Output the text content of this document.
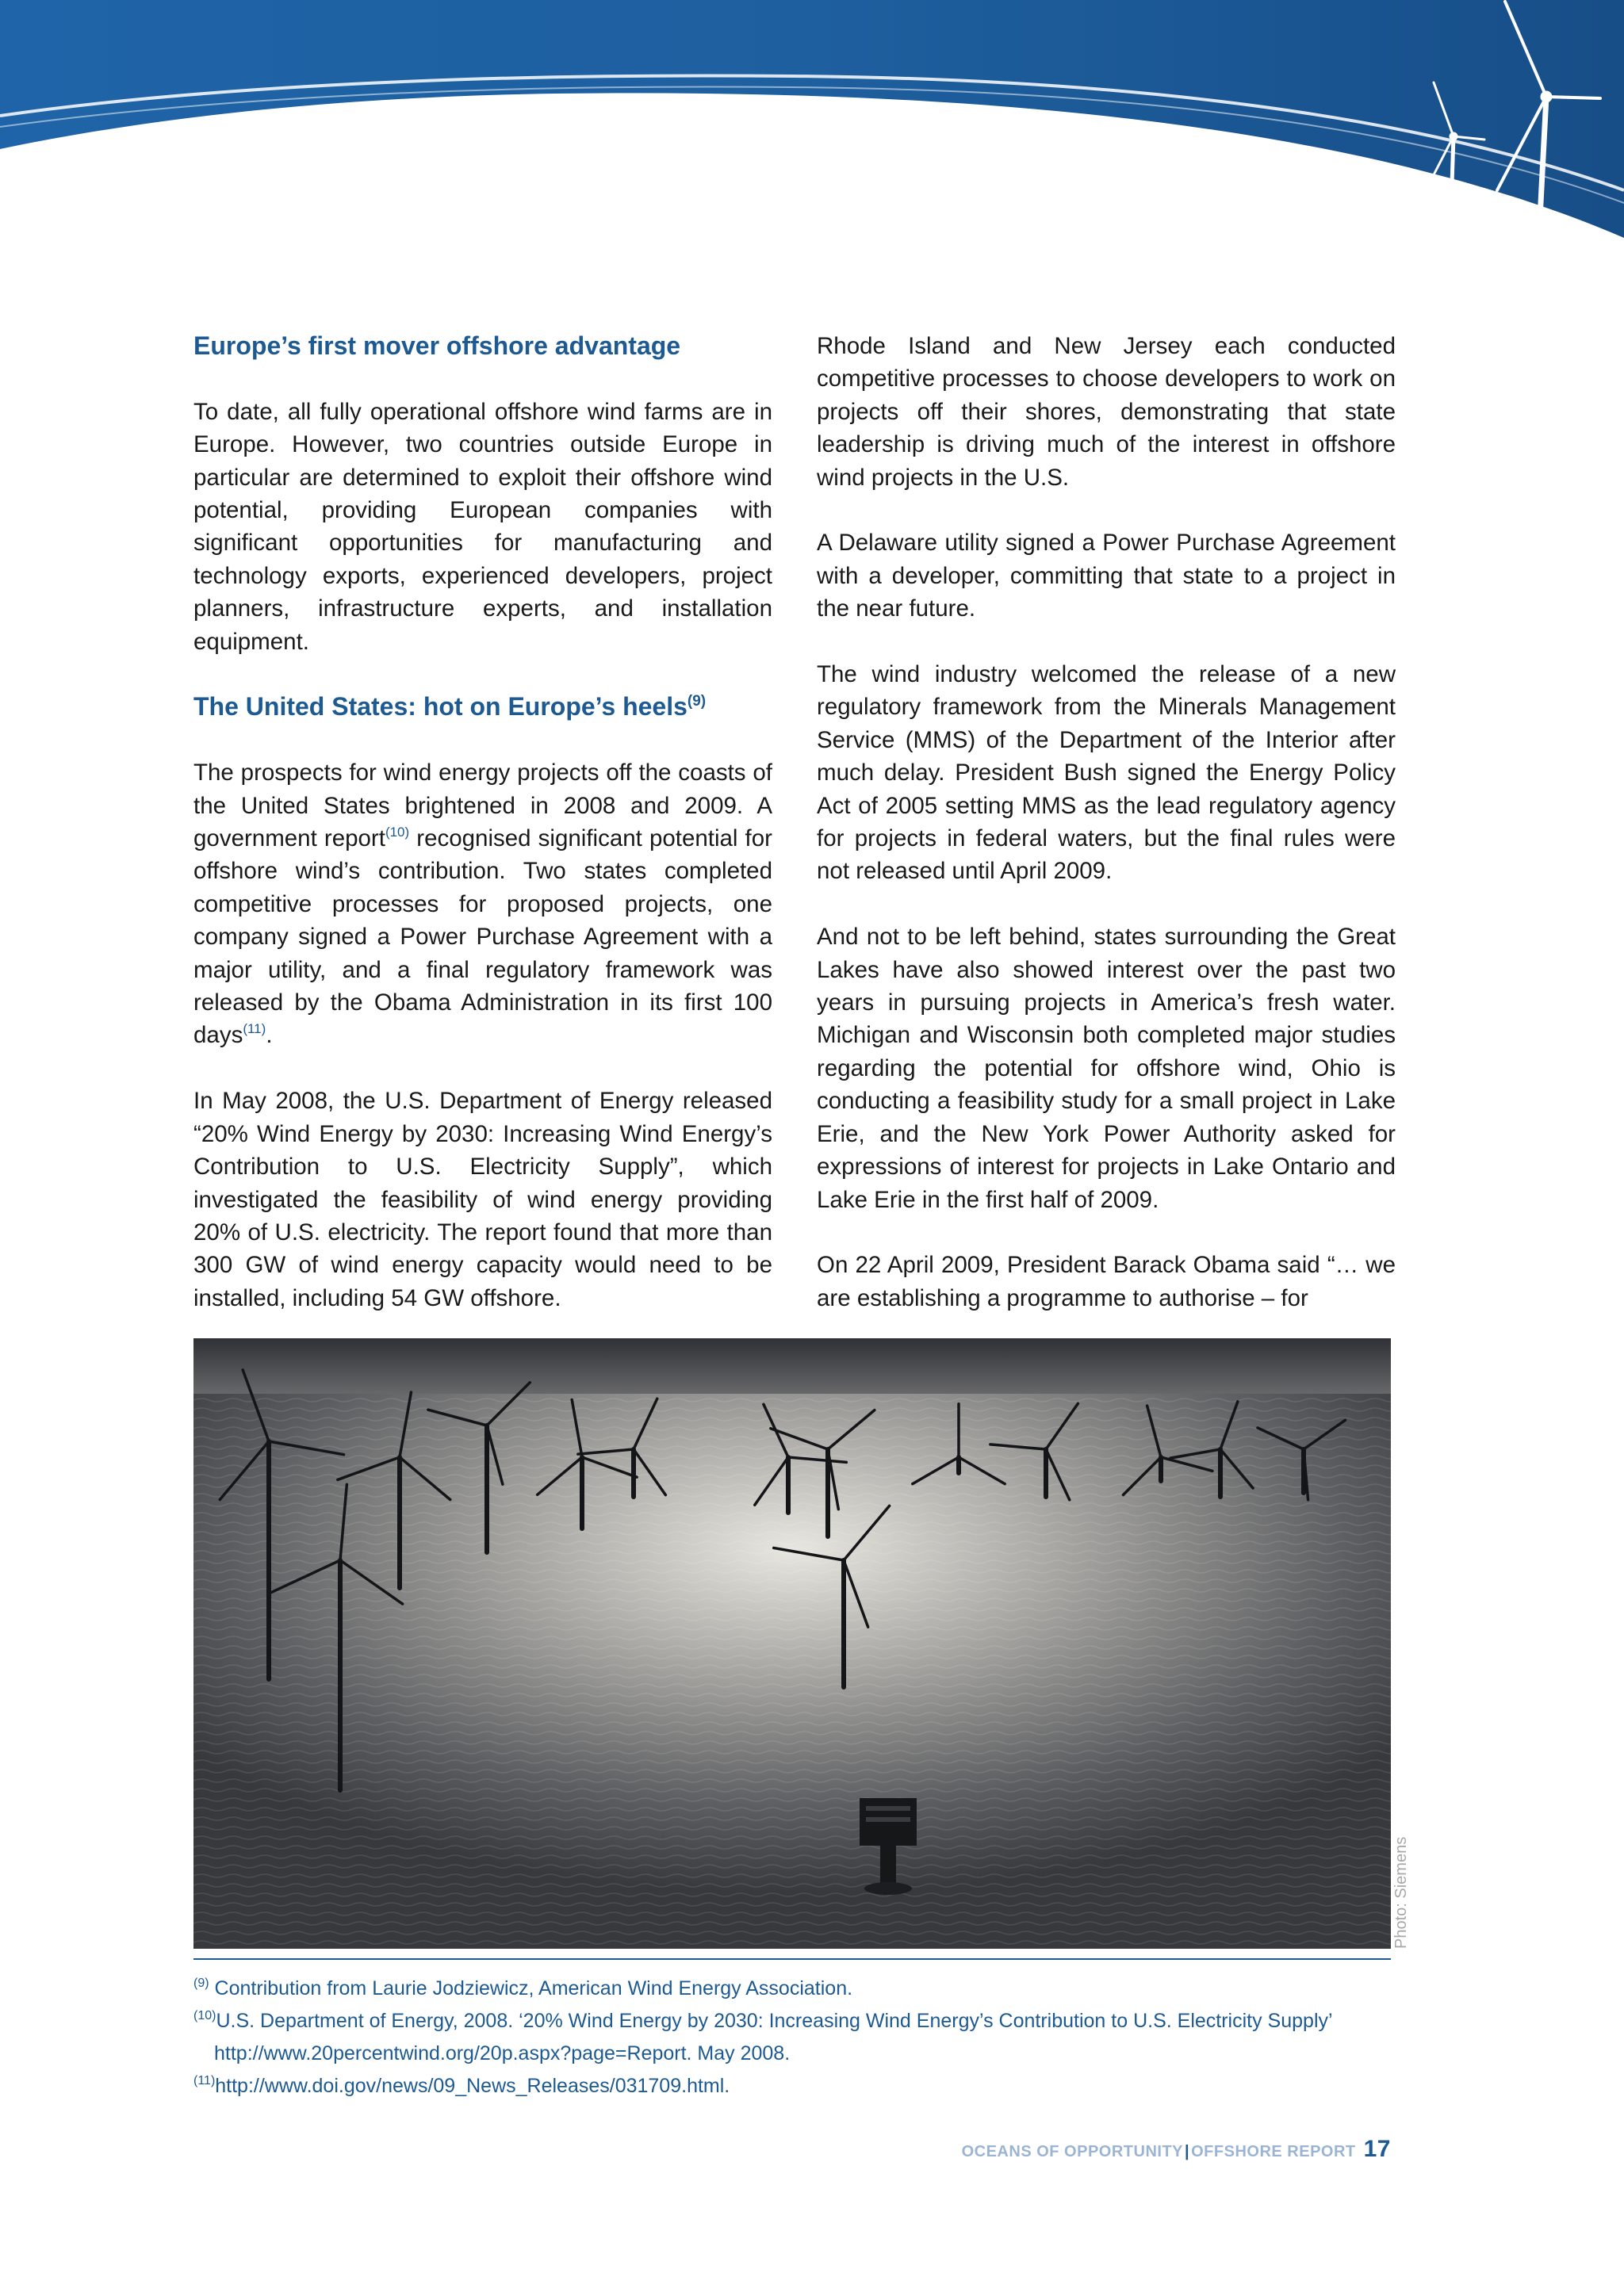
Europe’s first mover offshore advantage

To date, all fully operational offshore wind farms are in Europe. However, two countries outside Europe in particular are determined to exploit their offshore wind potential, providing European companies with significant opportunities for manufacturing and technology exports, experienced developers, project planners, infrastructure experts, and installation equipment.

The United States: hot on Europe’s heels$^{(9)}$

The prospects for wind energy projects off the coasts of the United States brightened in 2008 and 2009. A government report$^{(10)}$ recognised significant potential for offshore wind’s contribution. Two states completed competitive processes for proposed projects, one company signed a Power Purchase Agreement with a major utility, and a final regulatory framework was released by the Obama Administration in its first 100 days$^{(11)}$.

In May 2008, the U.S. Department of Energy released “20% Wind Energy by 2030: Increasing Wind Energy’s Contribution to U.S. Electricity Supply”, which investigated the feasibility of wind energy providing 20% of U.S. electricity. The report found that more than 300 GW of wind energy capacity would need to be installed, including 54 GW offshore.

Rhode Island and New Jersey each conducted competitive processes to choose developers to work on projects off their shores, demonstrating that state leadership is driving much of the interest in offshore wind projects in the U.S.

A Delaware utility signed a Power Purchase Agreement with a developer, committing that state to a project in the near future.

The wind industry welcomed the release of a new regulatory framework from the Minerals Management Service (MMS) of the Department of the Interior after much delay. President Bush signed the Energy Policy Act of 2005 setting MMS as the lead regulatory agency for projects in federal waters, but the final rules were not released until April 2009.

And not to be left behind, states surrounding the Great Lakes have also showed interest over the past two years in pursuing projects in America’s fresh water. Michigan and Wisconsin both completed major studies regarding the potential for offshore wind, Ohio is conducting a feasibility study for a small project in Lake Erie, and the New York Power Authority asked for expressions of interest for projects in Lake Ontario and Lake Erie in the first half of 2009.

On 22 April 2009, President Barack Obama said “… we are establishing a programme to authorise – for

Photo: Siemens
$^{(9)}$ Contribution from Laurie Jodziewicz, American Wind Energy Association.
$^{(10)}$U.S. Department of Energy, 2008. ‘20% Wind Energy by 2030: Increasing Wind Energy’s Contribution to U.S. Electricity Supply’
http://www.20percentwind.org/20p.aspx?page=Report. May 2008.
$^{(11)}$http://www.doi.gov/news/09_News_Releases/031709.html.
OCEANS OF OPPORTUNITY | OFFSHORE REPORT 17
